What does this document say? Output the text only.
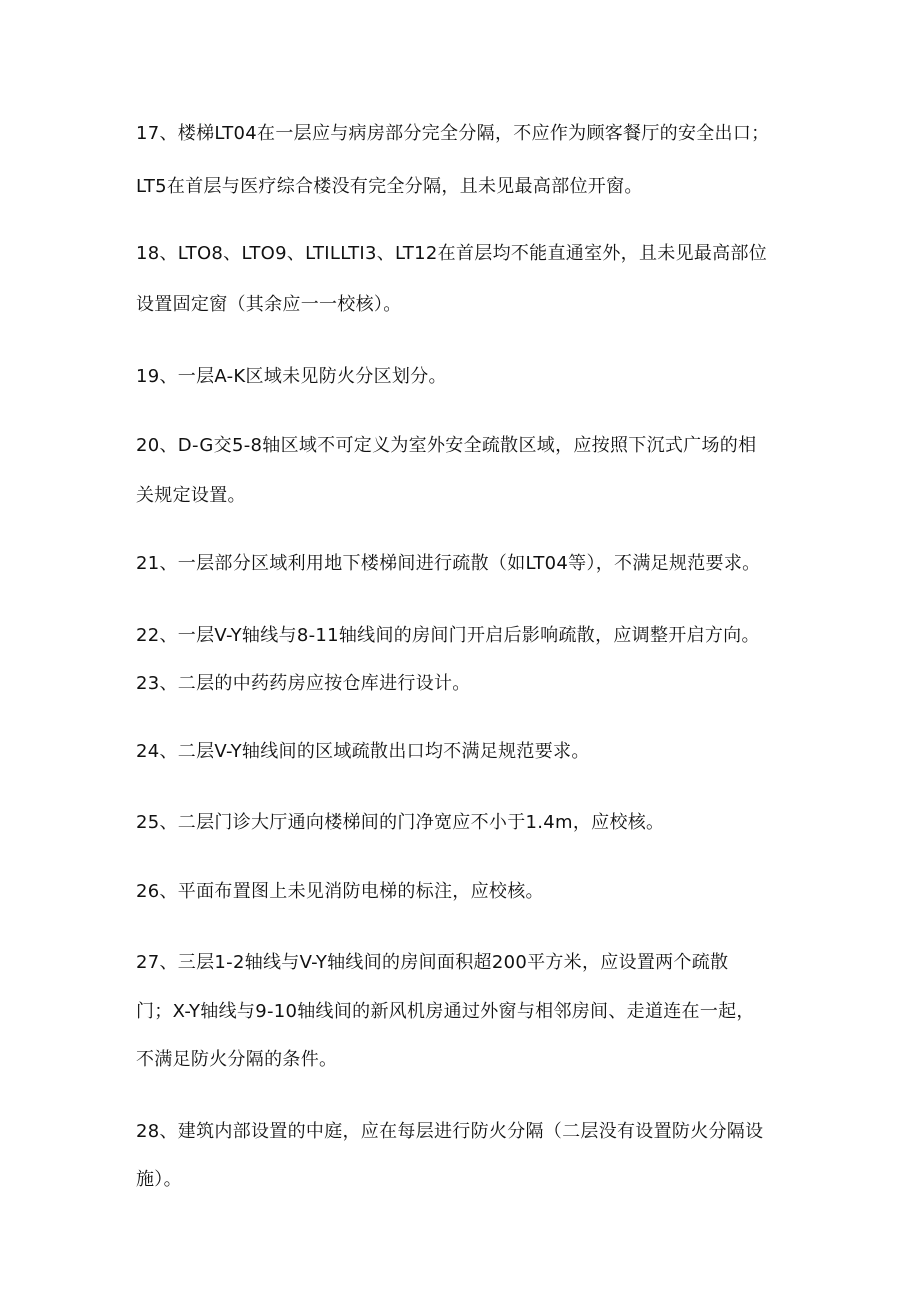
17、楼梯LT04在一层应与病房部分完全分隔，不应作为顾客餐厅的安全出口；
LT5在首层与医疗综合楼没有完全分隔，且未见最高部位开窗。
18、LTO8、LTO9、LTILLTI3、LT12在首层均不能直通室外，且未见最高部位
设置固定窗（其余应一一校核）。
19、一层A-K区域未见防火分区划分。
20、D-G交5-8轴区域不可定义为室外安全疏散区域，应按照下沉式广场的相
关规定设置。
21、一层部分区域利用地下楼梯间进行疏散（如LT04等），不满足规范要求。
22、一层V-Y轴线与8-11轴线间的房间门开启后影响疏散，应调整开启方向。
23、二层的中药药房应按仓库进行设计。
24、二层V-Y轴线间的区域疏散出口均不满足规范要求。
25、二层门诊大厅通向楼梯间的门净宽应不小于1.4m，应校核。
26、平面布置图上未见消防电梯的标注，应校核。
27、三层1-2轴线与V-Y轴线间的房间面积超200平方米，应设置两个疏散
门；X-Y轴线与9-10轴线间的新风机房通过外窗与相邻房间、走道连在一起，
不满足防火分隔的条件。
28、建筑内部设置的中庭，应在每层进行防火分隔（二层没有设置防火分隔设
施）。
